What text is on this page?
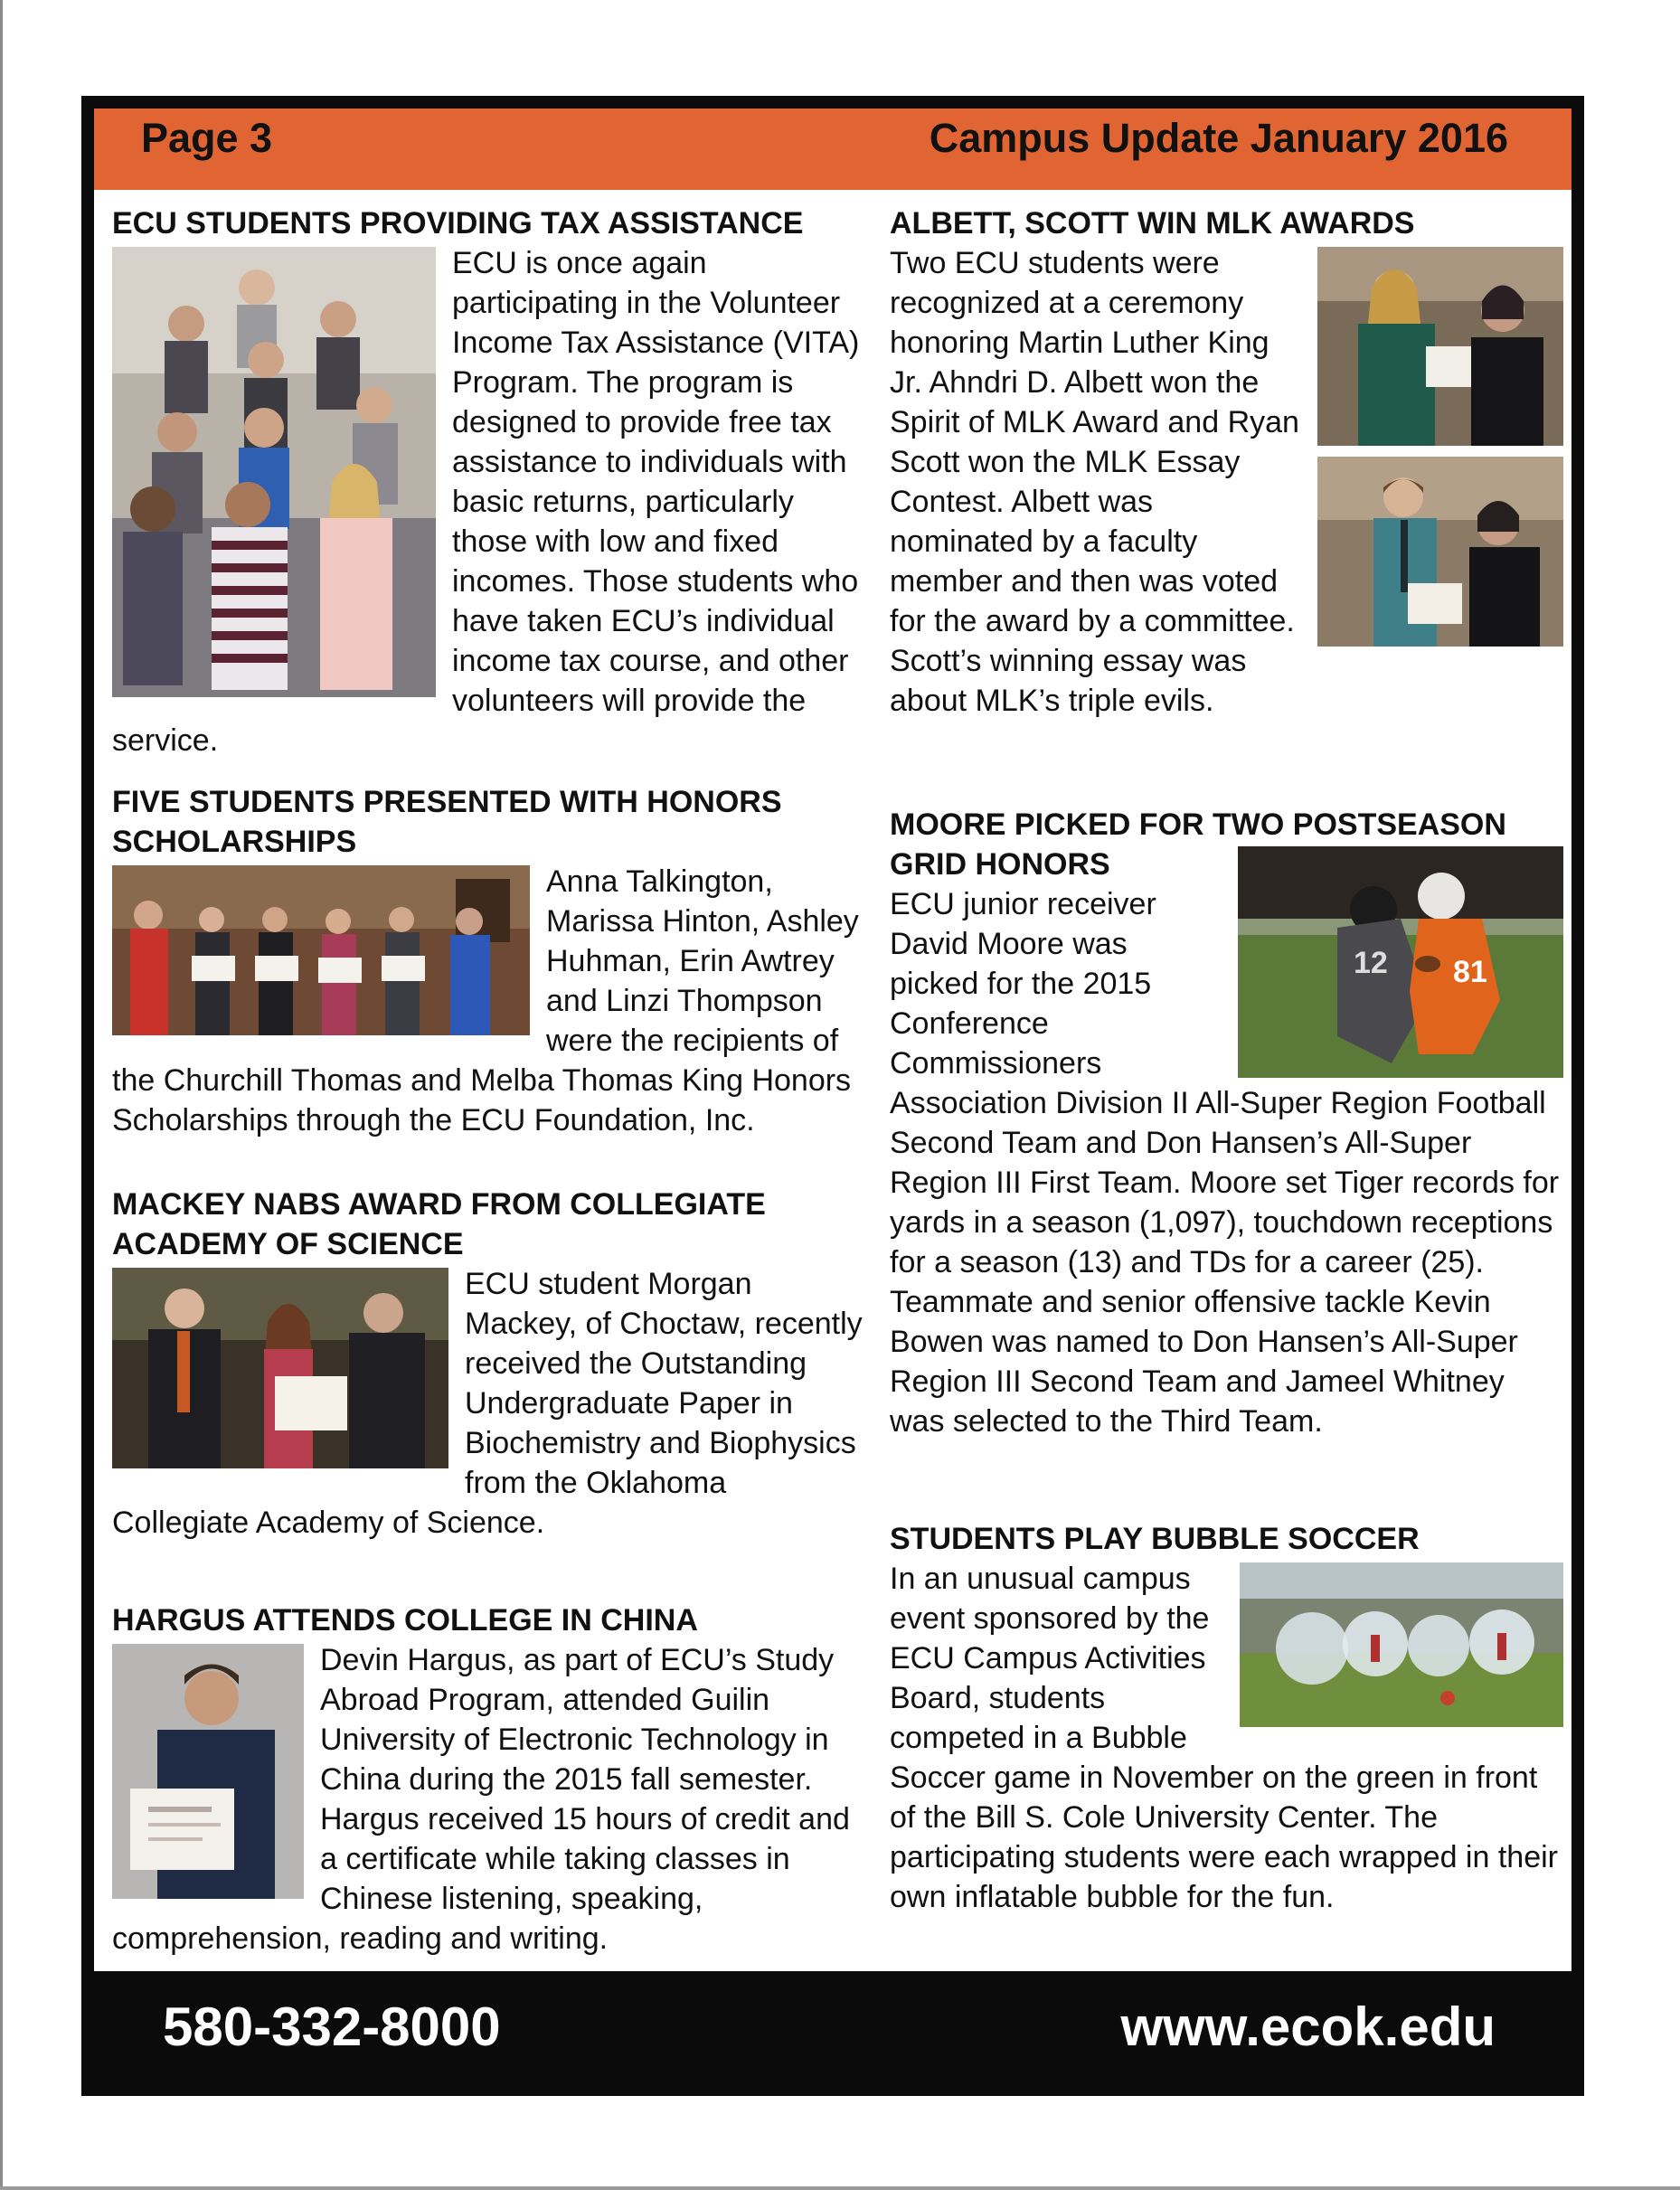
Page 3	Campus Update January 2016
ECU STUDENTS PROVIDING TAX ASSISTANCE

ECU is once again participating in the Volunteer Income Tax Assistance (VITA) Program. The program is designed to provide free tax assistance to individuals with basic returns, particularly those with low and fixed incomes. Those students who have taken ECU’s individual income tax course, and other volunteers will provide the service.

FIVE STUDENTS PRESENTED WITH HONORS SCHOLARSHIPS

Anna Talkington, Marissa Hinton, Ashley Huhman, Erin Awtrey and Linzi Thompson were the recipients of the Churchill Thomas and Melba Thomas King Honors Scholarships through the ECU Foundation, Inc.

MACKEY NABS AWARD FROM COLLEGIATE ACADEMY OF SCIENCE

ECU student Morgan Mackey, of Choctaw, recently received the Outstanding Undergraduate Paper in Biochemistry and Biophysics from the Oklahoma Collegiate Academy of Science.

HARGUS ATTENDS COLLEGE IN CHINA

Devin Hargus, as part of ECU’s Study Abroad Program, attended Guilin University of Electronic Technology in China during the 2015 fall semester. Hargus received 15 hours of credit and a certificate while taking classes in Chinese listening, speaking, comprehension, reading and writing.

ALBETT, SCOTT WIN MLK AWARDS

Two ECU students were recognized at a ceremony honoring Martin Luther King Jr. Ahndri D. Albett won the Spirit of MLK Award and Ryan Scott won the MLK Essay Contest. Albett was nominated by a faculty member and then was voted for the award by a committee. Scott’s winning essay was about MLK’s triple evils.

MOORE PICKED FOR TWO POSTSEASON GRID HONORS
12 81

ECU junior receiver David Moore was picked for the 2015 Conference Commissioners Association Division II All-Super Region Football Second Team and Don Hansen’s All-Super Region III First Team. Moore set Tiger records for yards in a season (1,097), touchdown receptions for a season (13) and TDs for a career (25). Teammate and senior offensive tackle Kevin Bowen was named to Don Hansen’s All-Super Region III Second Team and Jameel Whitney was selected to the Third Team.

STUDENTS PLAY BUBBLE SOCCER

In an unusual campus event sponsored by the ECU Campus Activities Board, students competed in a Bubble Soccer game in November on the green in front of the Bill S. Cole University Center. The participating students were each wrapped in their own inflatable bubble for the fun.

580-332-8000	www.ecok.edu
